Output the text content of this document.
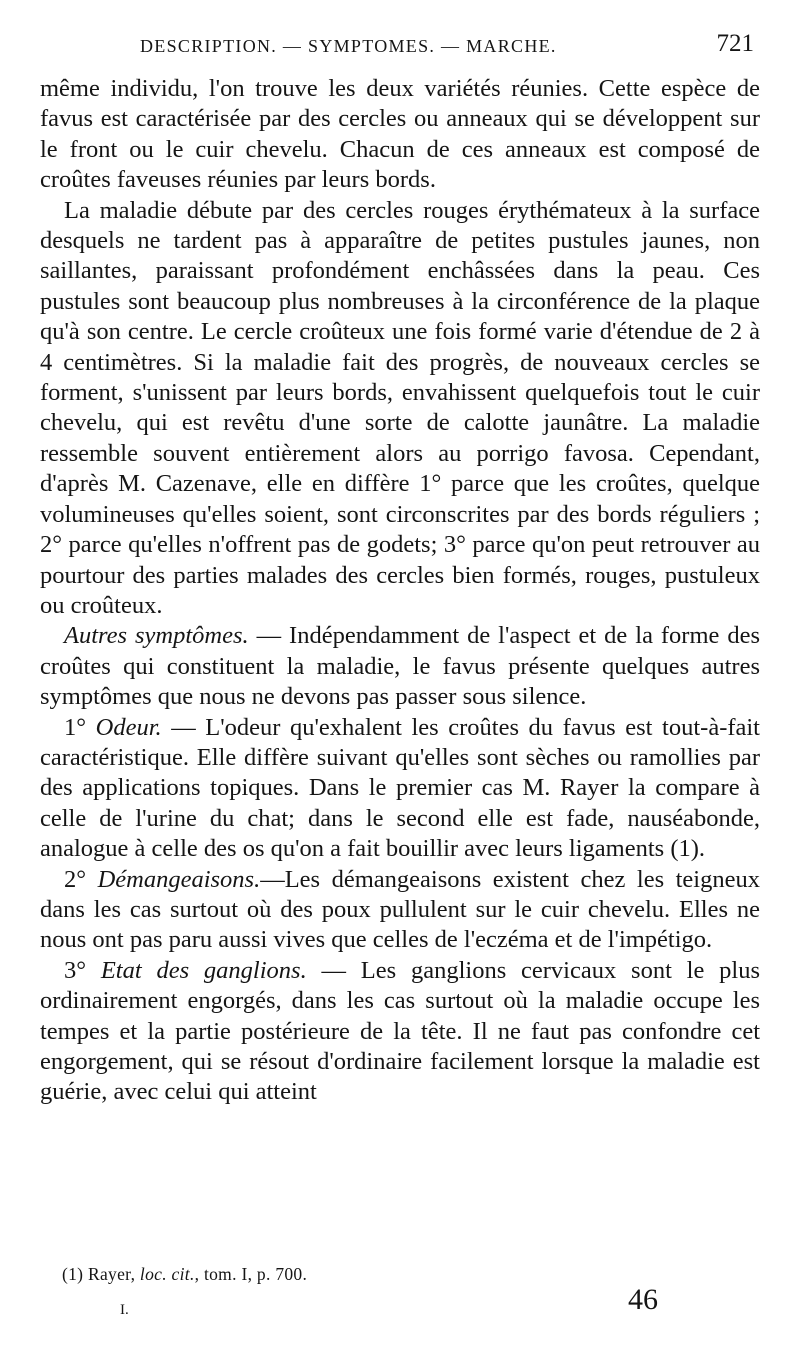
DESCRIPTION. — SYMPTOMES. — MARCHE.	721

même individu, l'on trouve les deux variétés réunies. Cette espèce de favus est caractérisée par des cercles ou anneaux qui se développent sur le front ou le cuir chevelu. Chacun de ces anneaux est composé de croûtes faveuses réunies par leurs bords.

La maladie débute par des cercles rouges érythémateux à la surface desquels ne tardent pas à apparaître de petites pustules jaunes, non saillantes, paraissant profondément enchâssées dans la peau. Ces pustules sont beaucoup plus nombreuses à la circonférence de la plaque qu'à son centre. Le cercle croûteux une fois formé varie d'étendue de 2 à 4 centimètres. Si la maladie fait des progrès, de nouveaux cercles se forment, s'unissent par leurs bords, envahissent quelquefois tout le cuir chevelu, qui est revêtu d'une sorte de calotte jaunâtre. La maladie ressemble souvent entièrement alors au porrigo favosa. Cependant, d'après M. Cazenave, elle en diffère 1° parce que les croûtes, quelque volumineuses qu'elles soient, sont circonscrites par des bords réguliers ; 2° parce qu'elles n'offrent pas de godets; 3° parce qu'on peut retrouver au pourtour des parties malades des cercles bien formés, rouges, pustuleux ou croûteux.

Autres symptômes. — Indépendamment de l'aspect et de la forme des croûtes qui constituent la maladie, le favus présente quelques autres symptômes que nous ne devons pas passer sous silence.

1° Odeur. — L'odeur qu'exhalent les croûtes du favus est tout-à-fait caractéristique. Elle diffère suivant qu'elles sont sèches ou ramollies par des applications topiques. Dans le premier cas M. Rayer la compare à celle de l'urine du chat; dans le second elle est fade, nauséabonde, analogue à celle des os qu'on a fait bouillir avec leurs ligaments (1).

2° Démangeaisons.—Les démangeaisons existent chez les teigneux dans les cas surtout où des poux pullulent sur le cuir chevelu. Elles ne nous ont pas paru aussi vives que celles de l'eczéma et de l'impétigo.

3° Etat des ganglions. — Les ganglions cervicaux sont le plus ordinairement engorgés, dans les cas surtout où la maladie occupe les tempes et la partie postérieure de la tête. Il ne faut pas confondre cet engorgement, qui se résout d'ordinaire facilement lorsque la maladie est guérie, avec celui qui atteint

(1) Rayer, loc. cit., tom. I, p. 700.
I.	46
